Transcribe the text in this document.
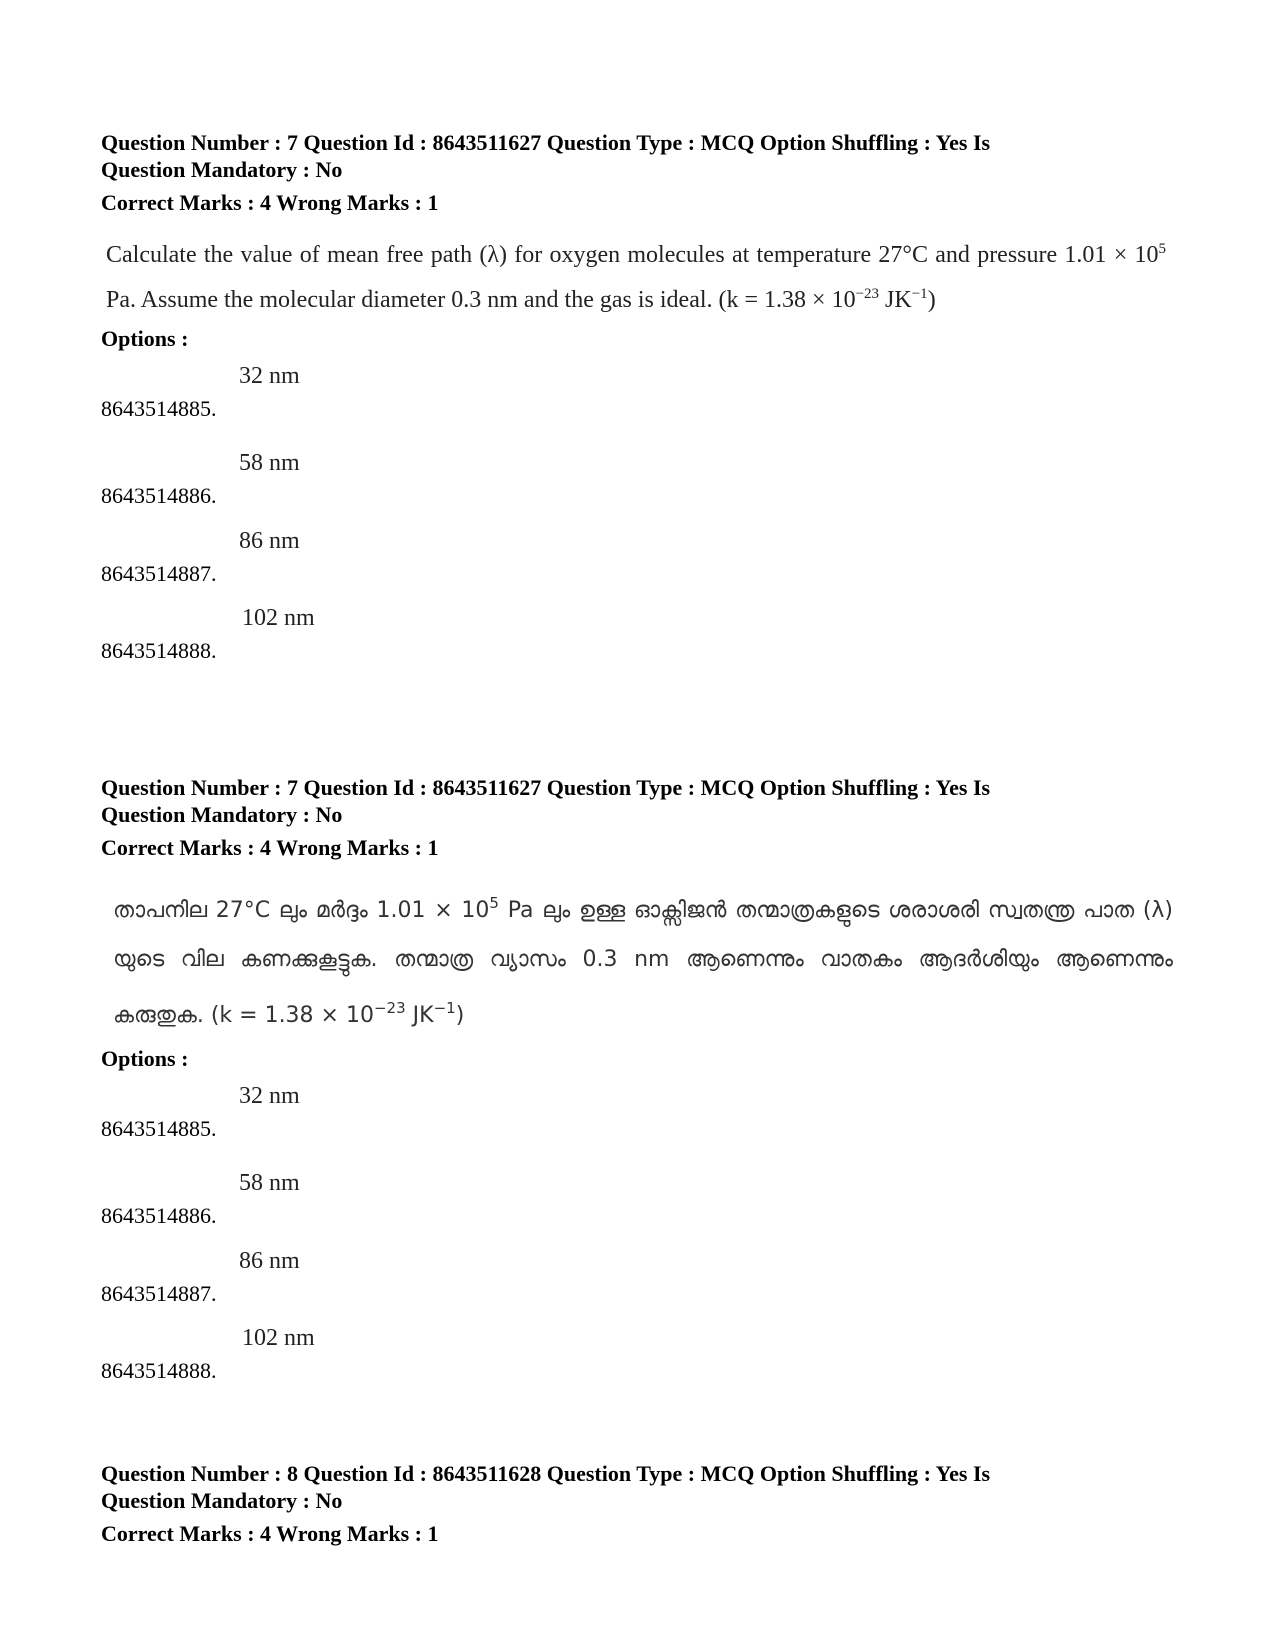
Question Number : 7 Question Id : 8643511627 Question Type : MCQ Option Shuffling : Yes Is
Question Mandatory : No
Correct Marks : 4 Wrong Marks : 1
Calculate the value of mean free path (λ) for oxygen molecules at temperature 27°C and pressure $1.01 \times 10^5$ Pa. Assume the molecular diameter 0.3 nm and the gas is ideal. ($k = 1.38 \times 10^{-23}$ $JK^{-1}$)
Options :
8643514885.
32 nm
8643514886.
58 nm
8643514887.
86 nm
8643514888.
102 nm
Question Number : 7 Question Id : 8643511627 Question Type : MCQ Option Shuffling : Yes Is
Question Mandatory : No
Correct Marks : 4 Wrong Marks : 1
താപനില 27°C ലും മർദ്ദം $1.01 \times 10^5$ Pa ലും ഉള്ള ഓക്സിജൻ തന്മാത്രകളുടെ ശരാശരി സ്വതന്ത്ര പാത (λ) യുടെ വില കണക്കുകൂട്ടുക. തന്മാത്ര വ്യാസം 0.3 nm ആണെന്നും വാതകം ആദർശിയും ആണെന്നും കരുതുക. ($k = 1.38 \times 10^{-23}$ $JK^{-1}$)
Options :
8643514885.
32 nm
8643514886.
58 nm
8643514887.
86 nm
8643514888.
102 nm
Question Number : 8 Question Id : 8643511628 Question Type : MCQ Option Shuffling : Yes Is
Question Mandatory : No
Correct Marks : 4 Wrong Marks : 1
